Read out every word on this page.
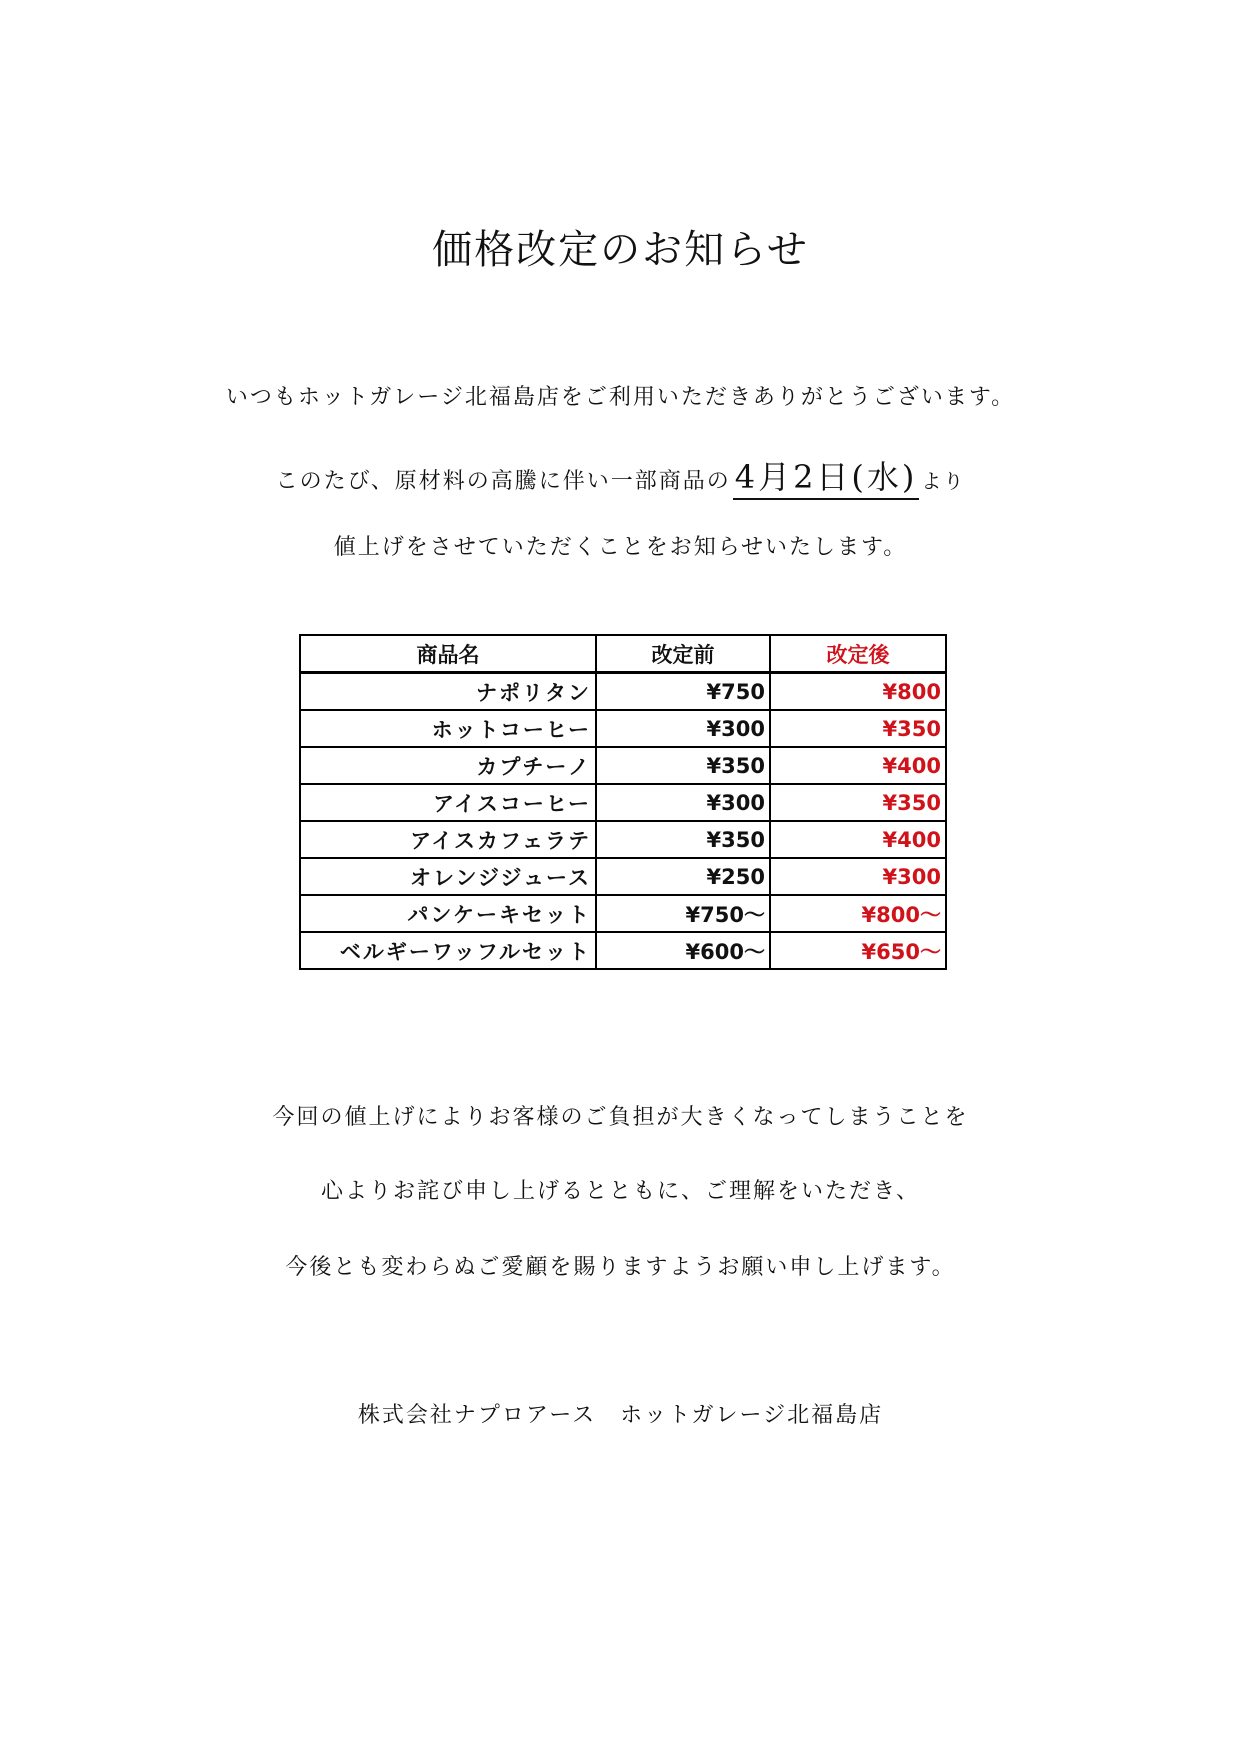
価格改定のお知らせ
いつもホットガレージ北福島店をご利用いただきありがとうございます。
このたび、原材料の高騰に伴い一部商品の 4月2日(水) より
値上げをさせていただくことをお知らせいたします。
商品名	改定前	改定後
ナポリタン	¥750	¥800
ホットコーヒー	¥300	¥350
カプチーノ	¥350	¥400
アイスコーヒー	¥300	¥350
アイスカフェラテ	¥350	¥400
オレンジジュース	¥250	¥300
パンケーキセット	¥750～	¥800～
ベルギーワッフルセット	¥600～	¥650～
今回の値上げによりお客様のご負担が大きくなってしまうことを
心よりお詫び申し上げるとともに、ご理解をいただき、
今後とも変わらぬご愛顧を賜りますようお願い申し上げます。
株式会社ナプロアース　ホットガレージ北福島店
